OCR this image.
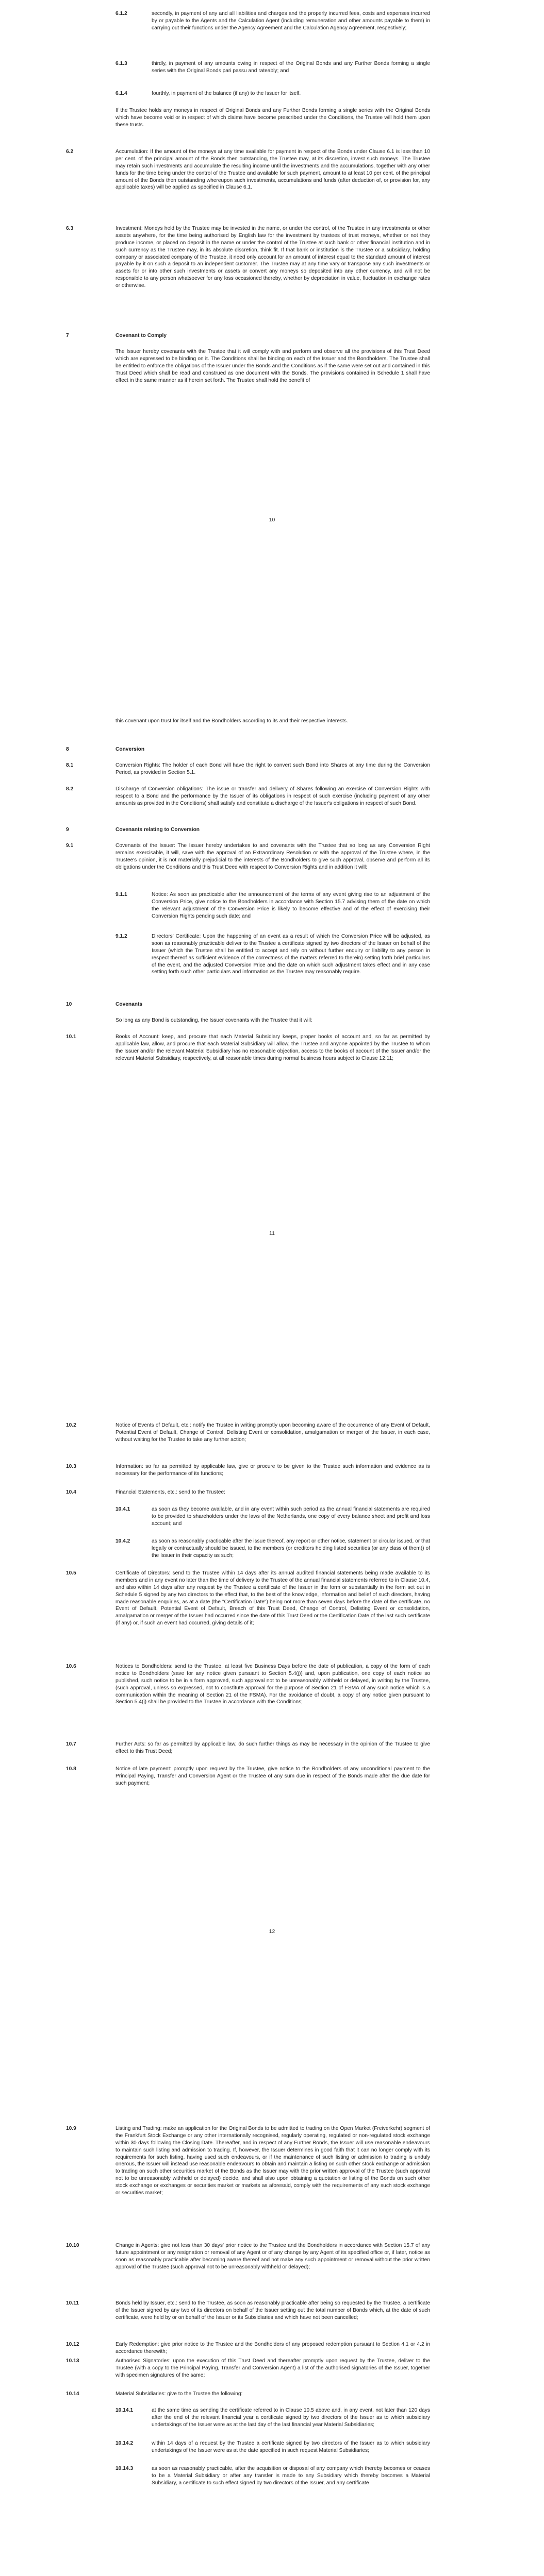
6.1.2	secondly, in payment of any and all liabilities and charges and the properly incurred fees, costs and expenses incurred by or payable to the Agents and the Calculation Agent (including remuneration and other amounts payable to them) in carrying out their functions under the Agency Agreement and the Calculation Agency Agreement, respectively;

6.1.3	thirdly, in payment of any amounts owing in respect of the Original Bonds and any Further Bonds forming a single series with the Original Bonds pari passu and rateably; and

6.1.4	fourthly, in payment of the balance (if any) to the Issuer for itself.

If the Trustee holds any moneys in respect of Original Bonds and any Further Bonds forming a single series with the Original Bonds which have become void or in respect of which claims have become prescribed under the Conditions, the Trustee will hold them upon these trusts.

6.2	Accumulation: If the amount of the moneys at any time available for payment in respect of the Bonds under Clause 6.1 is less than 10 per cent. of the principal amount of the Bonds then outstanding, the Trustee may, at its discretion, invest such moneys. The Trustee may retain such investments and accumulate the resulting income until the investments and the accumulations, together with any other funds for the time being under the control of the Trustee and available for such payment, amount to at least 10 per cent. of the principal amount of the Bonds then outstanding whereupon such investments, accumulations and funds (after deduction of, or provision for, any applicable taxes) will be applied as specified in Clause 6.1.

6.3	Investment: Moneys held by the Trustee may be invested in the name, or under the control, of the Trustee in any investments or other assets anywhere, for the time being authorised by English law for the investment by trustees of trust moneys, whether or not they produce income, or placed on deposit in the name or under the control of the Trustee at such bank or other financial institution and in such currency as the Trustee may, in its absolute discretion, think fit. If that bank or institution is the Trustee or a subsidiary, holding company or associated company of the Trustee, it need only account for an amount of interest equal to the standard amount of interest payable by it on such a deposit to an independent customer. The Trustee may at any time vary or transpose any such investments or assets for or into other such investments or assets or convert any moneys so deposited into any other currency, and will not be responsible to any person whatsoever for any loss occasioned thereby, whether by depreciation in value, fluctuation in exchange rates or otherwise.

7	Covenant to Comply

The Issuer hereby covenants with the Trustee that it will comply with and perform and observe all the provisions of this Trust Deed which are expressed to be binding on it. The Conditions shall be binding on each of the Issuer and the Bondholders. The Trustee shall be entitled to enforce the obligations of the Issuer under the Bonds and the Conditions as if the same were set out and contained in this Trust Deed which shall be read and construed as one document with the Bonds. The provisions contained in Schedule 1 shall have effect in the same manner as if herein set forth. The Trustee shall hold the benefit of

10

this covenant upon trust for itself and the Bondholders according to its and their respective interests.

8	Conversion
8.1	Conversion Rights: The holder of each Bond will have the right to convert such Bond into Shares at any time during the Conversion Period, as provided in Section 5.1.

8.2	Discharge of Conversion obligations: The issue or transfer and delivery of Shares following an exercise of Conversion Rights with respect to a Bond and the performance by the Issuer of its obligations in respect of such exercise (including payment of any other amounts as provided in the Conditions) shall satisfy and constitute a discharge of the Issuer's obligations in respect of such Bond.

9	Covenants relating to Conversion
9.1	Covenants of the Issuer: The Issuer hereby undertakes to and covenants with the Trustee that so long as any Conversion Right remains exercisable, it will, save with the approval of an Extraordinary Resolution or with the approval of the Trustee where, in the Trustee's opinion, it is not materially prejudicial to the interests of the Bondholders to give such approval, observe and perform all its obligations under the Conditions and this Trust Deed with respect to Conversion Rights and in addition it will:

9.1.1	Notice: As soon as practicable after the announcement of the terms of any event giving rise to an adjustment of the Conversion Price, give notice to the Bondholders in accordance with Section 15.7 advising them of the date on which the relevant adjustment of the Conversion Price is likely to become effective and of the effect of exercising their Conversion Rights pending such date; and

9.1.2	Directors' Certificate: Upon the happening of an event as a result of which the Conversion Price will be adjusted, as soon as reasonably practicable deliver to the Trustee a certificate signed by two directors of the Issuer on behalf of the Issuer (which the Trustee shall be entitled to accept and rely on without further enquiry or liability to any person in respect thereof as sufficient evidence of the correctness of the matters referred to therein) setting forth brief particulars of the event, and the adjusted Conversion Price and the date on which such adjustment takes effect and in any case setting forth such other particulars and information as the Trustee may reasonably require.

10	Covenants

So long as any Bond is outstanding, the Issuer covenants with the Trustee that it will:

10.1	Books of Account: keep, and procure that each Material Subsidiary keeps, proper books of account and, so far as permitted by applicable law, allow, and procure that each Material Subsidiary will allow, the Trustee and anyone appointed by the Trustee to whom the Issuer and/or the relevant Material Subsidiary has no reasonable objection, access to the books of account of the Issuer and/or the relevant Material Subsidiary, respectively, at all reasonable times during normal business hours subject to Clause 12.11;

11
10.2	Notice of Events of Default, etc.: notify the Trustee in writing promptly upon becoming aware of the occurrence of any Event of Default, Potential Event of Default, Change of Control, Delisting Event or consolidation, amalgamation or merger of the Issuer, in each case, without waiting for the Trustee to take any further action;

10.3	Information: so far as permitted by applicable law, give or procure to be given to the Trustee such information and evidence as is necessary for the performance of its functions;

10.4	Financial Statements, etc.: send to the Trustee:

10.4.1	as soon as they become available, and in any event within such period as the annual financial statements are required to be provided to shareholders under the laws of the Netherlands, one copy of every balance sheet and profit and loss account; and

10.4.2	as soon as reasonably practicable after the issue thereof, any report or other notice, statement or circular issued, or that legally or contractually should be issued, to the members (or creditors holding listed securities (or any class of them)) of the Issuer in their capacity as such;

10.5	Certificate of Directors: send to the Trustee within 14 days after its annual audited financial statements being made available to its members and in any event no later than the time of delivery to the Trustee of the annual financial statements referred to in Clause 10.4, and also within 14 days after any request by the Trustee a certificate of the Issuer in the form or substantially in the form set out in Schedule 5 signed by any two directors to the effect that, to the best of the knowledge, information and belief of such directors, having made reasonable enquiries, as at a date (the "Certification Date") being not more than seven days before the date of the certificate, no Event of Default, Potential Event of Default, Breach of this Trust Deed, Change of Control, Delisting Event or consolidation, amalgamation or merger of the Issuer had occurred since the date of this Trust Deed or the Certification Date of the last such certificate (if any) or, if such an event had occurred, giving details of it;

10.6	Notices to Bondholders: send to the Trustee, at least five Business Days before the date of publication, a copy of the form of each notice to Bondholders (save for any notice given pursuant to Section 5.4(j)) and, upon publication, one copy of each notice so published, such notice to be in a form approved, such approval not to be unreasonably withheld or delayed, in writing by the Trustee, (such approval, unless so expressed, not to constitute approval for the purpose of Section 21 of FSMA of any such notice which is a communication within the meaning of Section 21 of the FSMA). For the avoidance of doubt, a copy of any notice given pursuant to Section 5.4(j) shall be provided to the Trustee in accordance with the Conditions;

10.7	Further Acts: so far as permitted by applicable law, do such further things as may be necessary in the opinion of the Trustee to give effect to this Trust Deed;

10.8	Notice of late payment: promptly upon request by the Trustee, give notice to the Bondholders of any unconditional payment to the Principal Paying, Transfer and Conversion Agent or the Trustee of any sum due in respect of the Bonds made after the due date for such payment;

12
10.9	Listing and Trading: make an application for the Original Bonds to be admitted to trading on the Open Market (Freiverkehr) segment of the Frankfurt Stock Exchange or any other internationally recognised, regularly operating, regulated or non-regulated stock exchange within 30 days following the Closing Date. Thereafter, and in respect of any Further Bonds, the Issuer will use reasonable endeavours to maintain such listing and admission to trading. If, however, the Issuer determines in good faith that it can no longer comply with its requirements for such listing, having used such endeavours, or if the maintenance of such listing or admission to trading is unduly onerous, the Issuer will instead use reasonable endeavours to obtain and maintain a listing on such other stock exchange or admission to trading on such other securities market of the Bonds as the Issuer may with the prior written approval of the Trustee (such approval not to be unreasonably withheld or delayed) decide, and shall also upon obtaining a quotation or listing of the Bonds on such other stock exchange or exchanges or securities market or markets as aforesaid, comply with the requirements of any such stock exchange or securities market;

10.10	Change in Agents: give not less than 30 days' prior notice to the Trustee and the Bondholders in accordance with Section 15.7 of any future appointment or any resignation or removal of any Agent or of any change by any Agent of its specified office or, if later, notice as soon as reasonably practicable after becoming aware thereof and not make any such appointment or removal without the prior written approval of the Trustee (such approval not to be unreasonably withheld or delayed);

10.11	Bonds held by Issuer, etc.: send to the Trustee, as soon as reasonably practicable after being so requested by the Trustee, a certificate of the Issuer signed by any two of its directors on behalf of the Issuer setting out the total number of Bonds which, at the date of such certificate, were held by or on behalf of the Issuer or its Subsidiaries and which have not been cancelled;

10.12	Early Redemption: give prior notice to the Trustee and the Bondholders of any proposed redemption pursuant to Section 4.1 or 4.2 in accordance therewith;

10.13	Authorised Signatories: upon the execution of this Trust Deed and thereafter promptly upon request by the Trustee, deliver to the Trustee (with a copy to the Principal Paying, Transfer and Conversion Agent) a list of the authorised signatories of the Issuer, together with specimen signatures of the same;

10.14	Material Subsidiaries: give to the Trustee the following:

10.14.1	at the same time as sending the certificate referred to in Clause 10.5 above and, in any event, not later than 120 days after the end of the relevant financial year a certificate signed by two directors of the Issuer as to which subsidiary undertakings of the Issuer were as at the last day of the last financial year Material Subsidiaries;

10.14.2	within 14 days of a request by the Trustee a certificate signed by two directors of the Issuer as to which subsidiary undertakings of the Issuer were as at the date specified in such request Material Subsidiaries;

10.14.3	as soon as reasonably practicable, after the acquisition or disposal of any company which thereby becomes or ceases to be a Material Subsidiary or after any transfer is made to any Subsidiary which thereby becomes a Material Subsidiary, a certificate to such effect signed by two directors of the Issuer, and any certificate
